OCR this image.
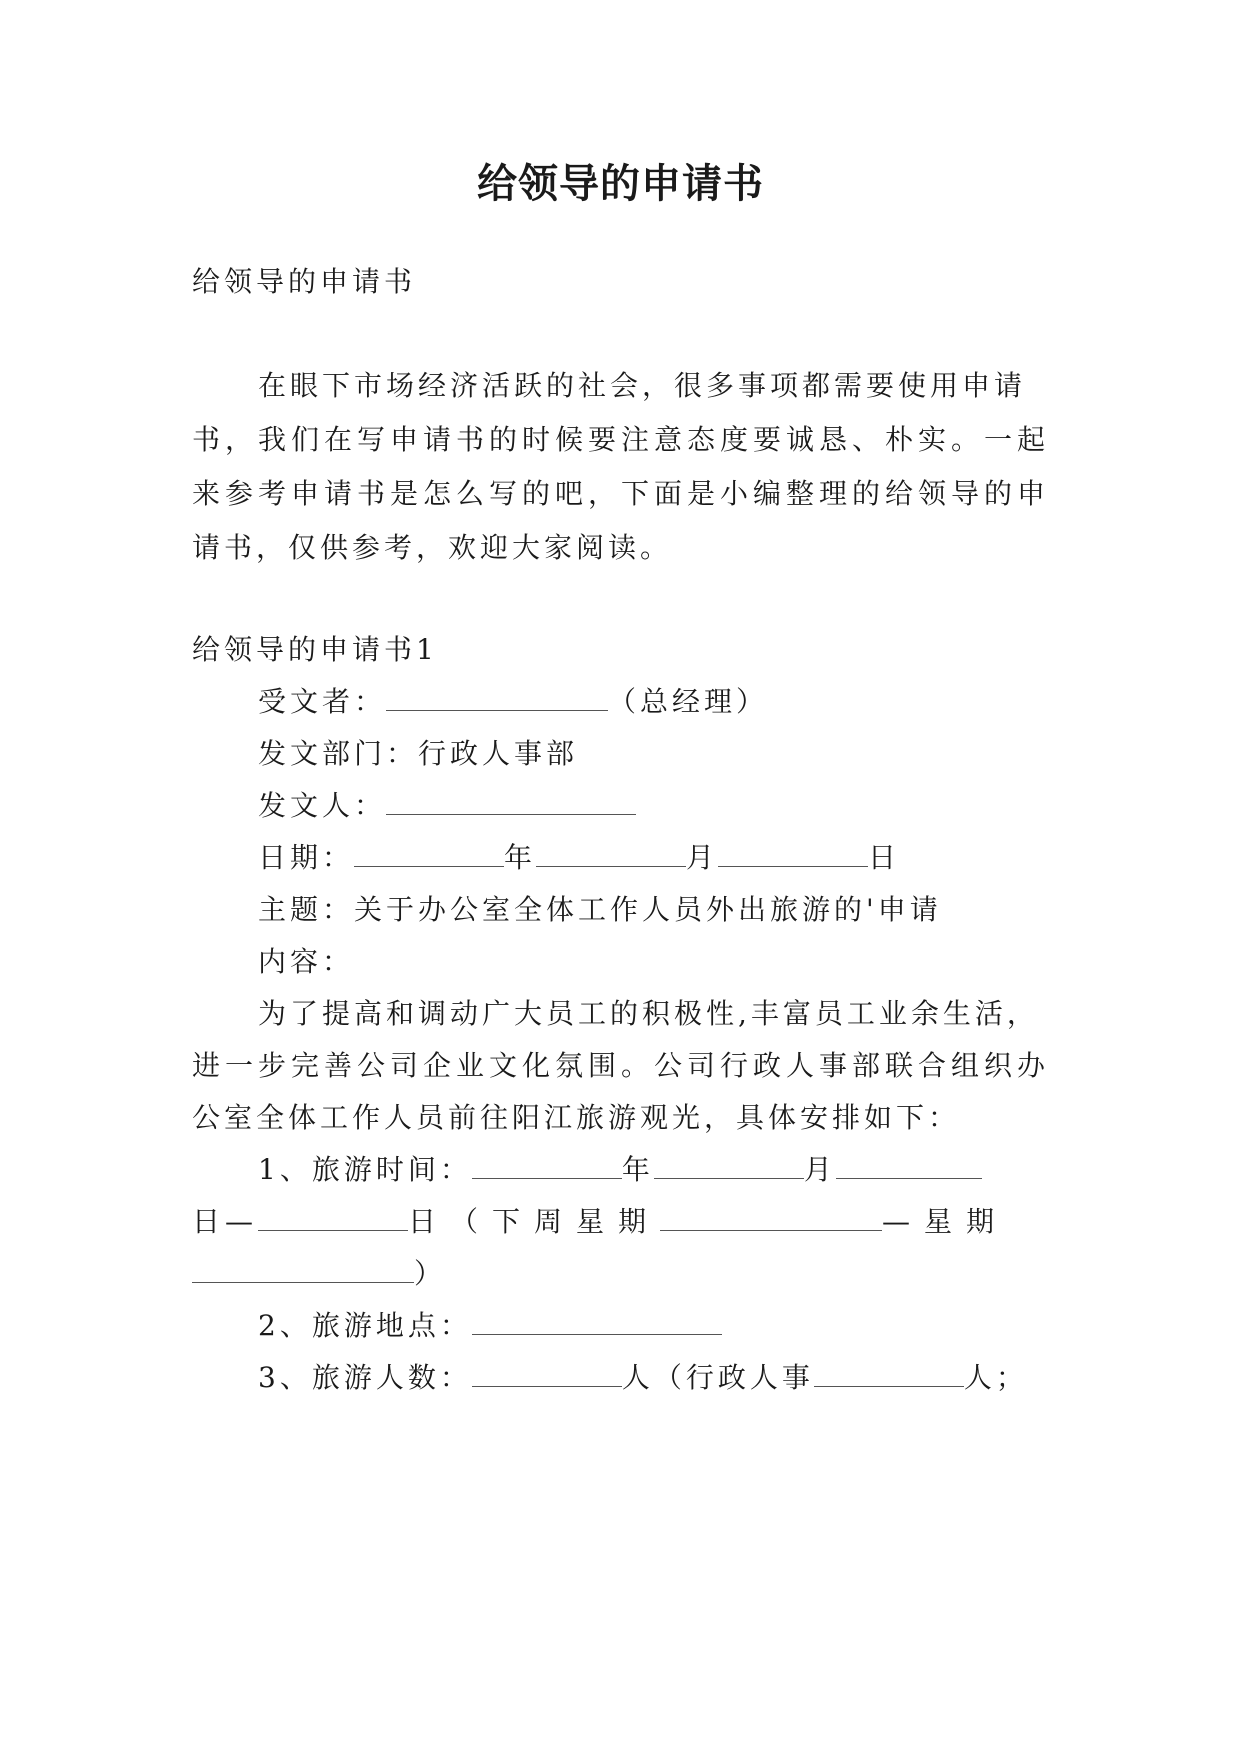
给领导的申请书

给领导的申请书

在眼下市场经济活跃的社会，很多事项都需要使用申请

书，我们在写申请书的时候要注意态度要诚恳、朴实。一起

来参考申请书是怎么写的吧，下面是小编整理的给领导的申

请书，仅供参考，欢迎大家阅读。

给领导的申请书1

受文者：	（总经理）

发文部门：行政人事部

发文人：

日期：	年	月	日

主题：关于办公室全体工作人员外出旅游的'申请

内容：

为了提高和调动广大员工的积极性,丰富员工业余生活，

进一步完善公司企业文化氛围。公司行政人事部联合组织办

公室全体工作人员前往阳江旅游观光，具体安排如下：

1、旅游时间：	年	月

日—	日（下周星期	—星期

）

2、旅游地点：

3、旅游人数：	人（行政人事	人；
